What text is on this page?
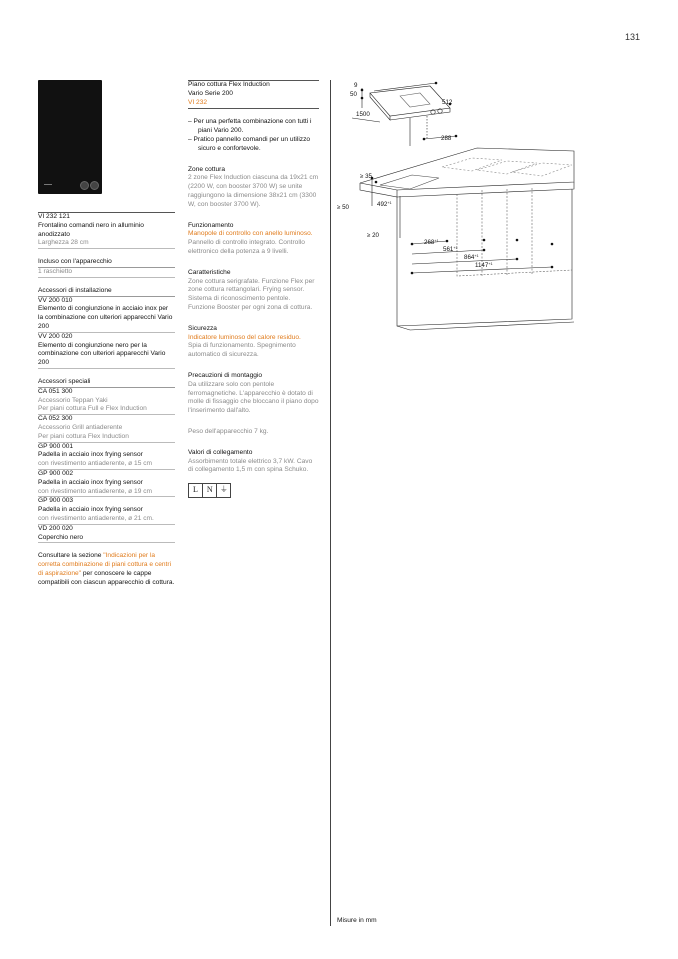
131
VI 232 121
Frontalino comandi nero in alluminio anodizzato
Larghezza 28 cm
Incluso con l'apparecchio
1 raschietto
Accessori di installazione
VV 200 010
Elemento di congiunzione in acciaio inox per la combinazione con ulteriori apparecchi Vario 200
VV 200 020
Elemento di congiunzione nero per la combinazione con ulteriori apparecchi Vario 200
Accessori speciali
CA 051 300
Accessorio Teppan Yaki
Per piani cottura Full e Flex Induction
CA 052 300
Accessorio Grill antiaderente
Per piani cottura Flex Induction
GP 900 001
Padella in acciaio inox frying sensor
con rivestimento antiaderente, ø 15 cm
GP 900 002
Padella in acciaio inox frying sensor
con rivestimento antiaderente, ø 19 cm
GP 900 003
Padella in acciaio inox frying sensor
con rivestimento antiaderente, ø 21 cm.
VD 200 020
Coperchio nero
Consultare la sezione "Indicazioni per la corretta combinazione di piani cottura e centri di aspirazione" per conoscere le cappe compatibili con ciascun apparecchio di cottura.
Piano cottura Flex Induction
Vario Serie 200
VI 232
– Per una perfetta combinazione con tutti i piani Vario 200.
– Pratico pannello comandi per un utilizzo sicuro e confortevole.
Zone cottura
2 zone Flex Induction ciascuna da 19x21 cm (2200 W, con booster 3700 W) se unite raggiungono la dimensione 38x21 cm (3300 W, con booster 3700 W).
Funzionamento
Manopole di controllo con anello luminoso.
Pannello di controllo integrato. Controllo elettronico della potenza a 9 livelli.
Caratteristiche
Zone cottura serigrafate. Funzione Flex per zone cottura rettangolari. Frying sensor. Sistema di riconoscimento pentole. Funzione Booster per ogni zona di cottura.
Sicurezza
Indicatore luminoso del calore residuo.
Spia di funzionamento. Spegnimento automatico di sicurezza.
Precauzioni di montaggio
Da utilizzare solo con pentole ferromagnetiche. L'apparecchio è dotato di molle di fissaggio che bloccano il piano dopo l'inserimento dall'alto.
Peso dell'apparecchio 7 kg.
Valori di collegamento
Assorbimento totale elettrico 3,7 kW. Cavo di collegamento 1,5 m con spina Schuko.
L	N ⏚
9
50
512
1500
288
≥ 35
≥ 50	$492^{+1}$
≥ 20
$268^{+1}$
$561^{+1}$
$864^{+1}$
$1147^{+1}$
Misure in mm
